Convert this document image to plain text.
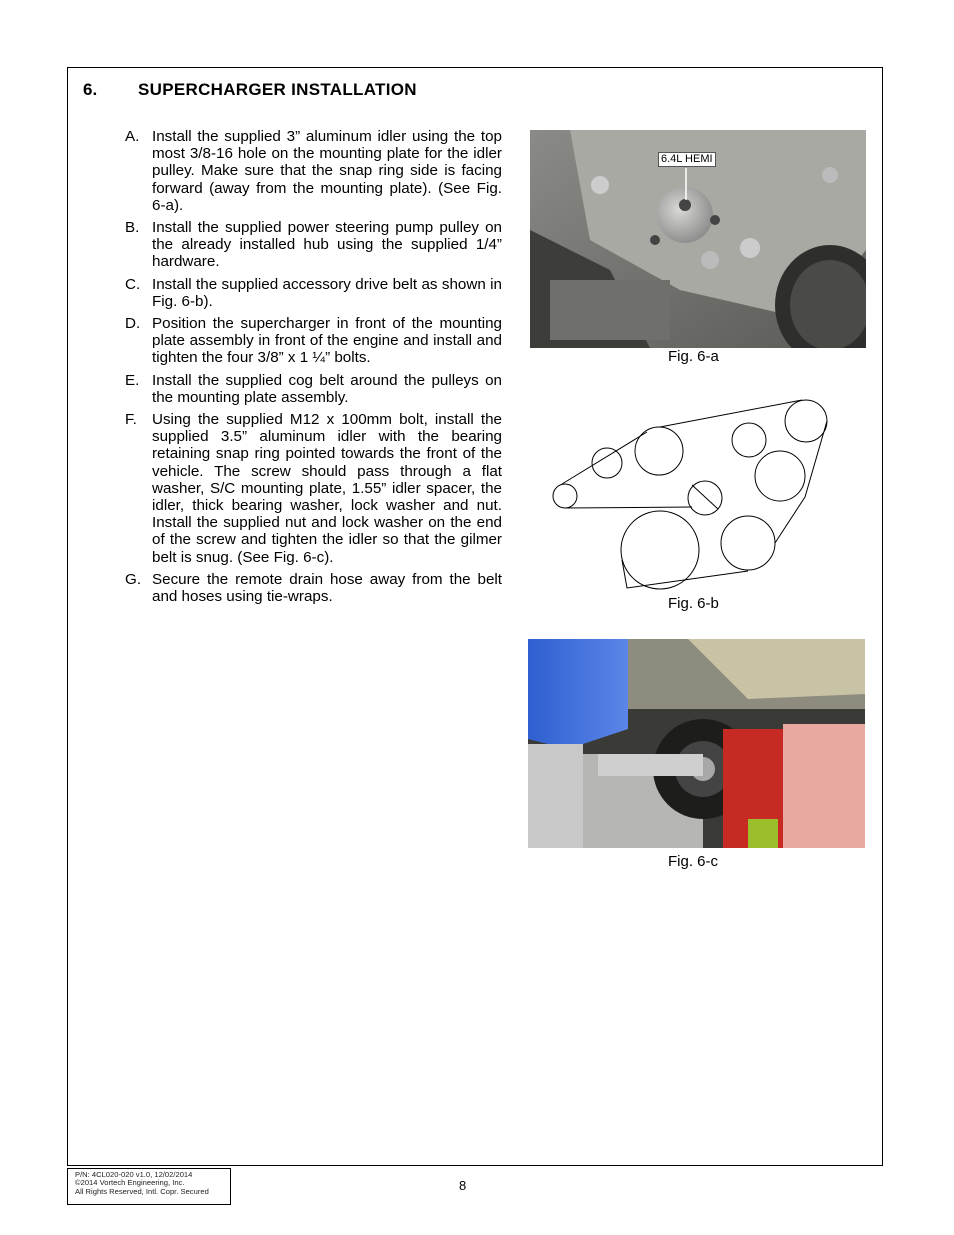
6. SUPERCHARGER INSTALLATION
A. Install the supplied 3” aluminum idler using the top most 3/8-16 hole on the mounting plate for the idler pulley. Make sure that the snap ring side is facing forward (away from the mounting plate). (See Fig. 6-a).
B. Install the supplied power steering pump pulley on the already installed hub using the supplied 1/4” hardware.
C. Install the supplied accessory drive belt as shown in Fig. 6-b).
D. Position the supercharger in front of the mounting plate assembly in front of the engine and install and tighten the four 3/8” x 1 ¼” bolts.
E. Install the supplied cog belt around the pulleys on the mounting plate assembly.
F. Using the supplied M12 x 100mm bolt, install the supplied 3.5” aluminum idler with the bearing retaining snap ring pointed towards the front of the vehicle. The screw should pass through a flat washer, S/C mounting plate, 1.55” idler spacer, the idler, thick bearing washer, lock washer and nut. Install the supplied nut and lock washer on the end of the screw and tighten the idler so that the gilmer belt is snug. (See Fig. 6-c).
G. Secure the remote drain hose away from the belt and hoses using tie-wraps.
6.4L HEMI
Fig. 6-a
Fig. 6-b
Fig. 6-c
P/N: 4CL020-020 v1.0, 12/02/2014
©2014 Vortech Engineering, Inc.
All Rights Reserved, Intl. Copr. Secured	8
